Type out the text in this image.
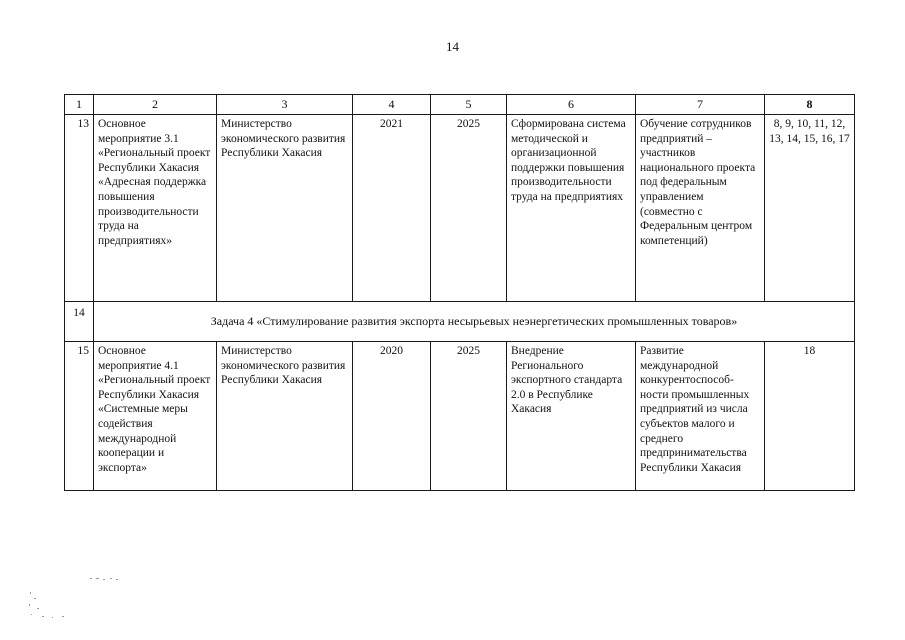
14
1	2	3	4	5	6	7	8
13	Основное мероприятие 3.1 «Региональный проект Республики Хакасия «Адресная поддержка повышения производительности труда на предприятиях»	Министерство экономического развития Республики Хакасия	2021	2025	Сформирована система методической и организационной поддержки повышения производительности труда на предприятиях	Обучение сотрудников предприятий – участников национального проекта под федеральным управлением (совместно с Федеральным центром компетенций)	8, 9, 10, 11, 12, 13, 14, 15, 16, 17
14	Задача 4 «Стимулирование развития экспорта несырьевых неэнергетических промышленных товаров»						
15	Основное мероприятие 4.1 «Региональный проект Республики Хакасия «Системные меры содействия международной кооперации и экспорта»	Министерство экономического развития Республики Хакасия	2020	2025	Внедрение Регионального экспортного стандарта 2.0 в Республике Хакасия	Развитие международной конкурентоспособ-ности промышленных предприятий из числа субъектов малого и среднего предпринимательства Республики Хакасия	18
